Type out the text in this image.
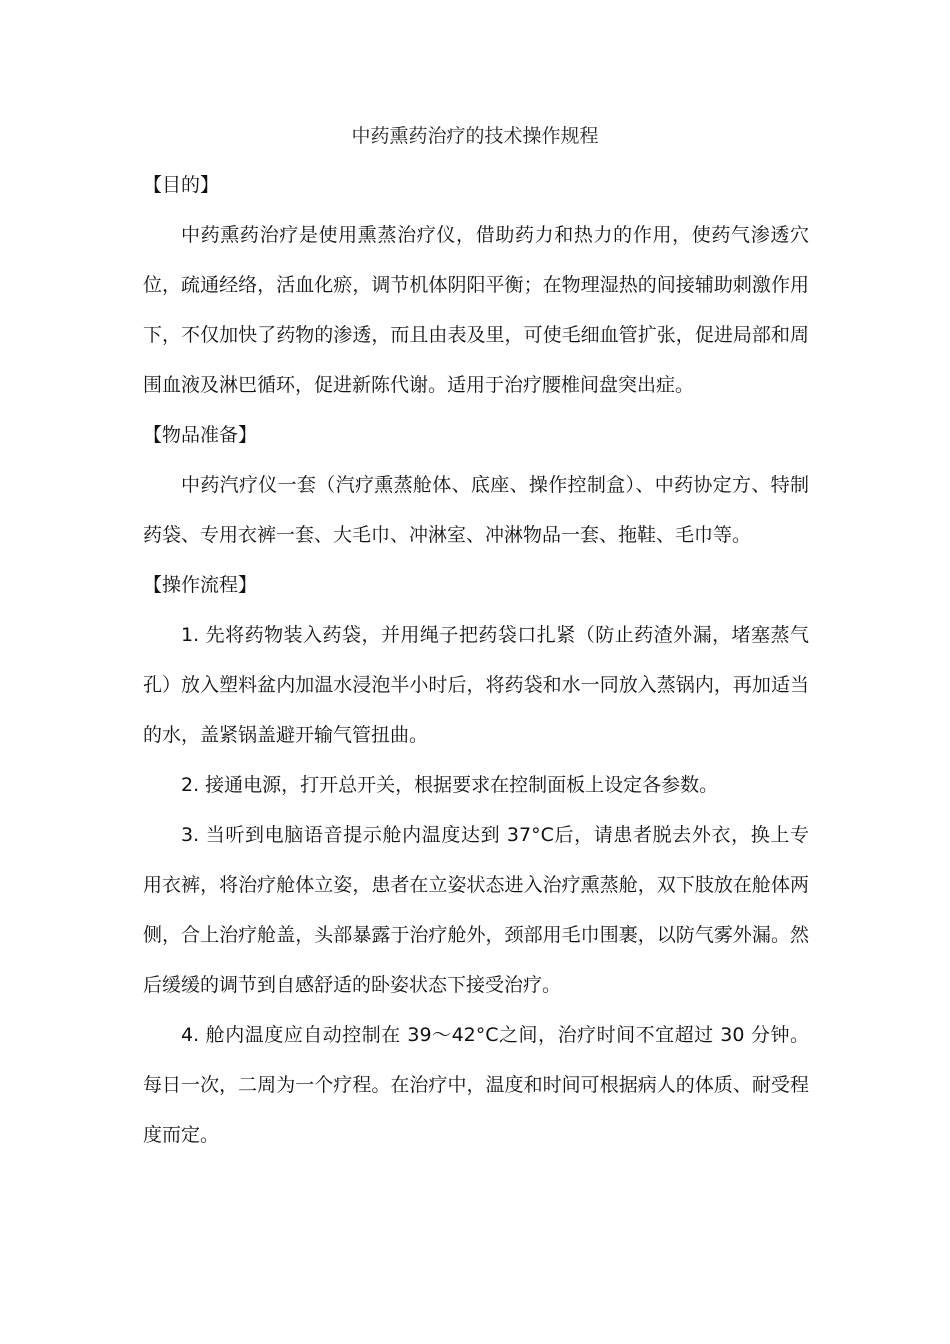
中药熏药治疗的技术操作规程
【目的】

中药熏药治疗是使用熏蒸治疗仪，借助药力和热力的作用，使药气渗透穴位，疏通经络，活血化瘀，调节机体阴阳平衡；在物理湿热的间接辅助刺激作用下，不仅加快了药物的渗透，而且由表及里，可使毛细血管扩张，促进局部和周围血液及淋巴循环，促进新陈代谢。适用于治疗腰椎间盘突出症。

【物品准备】

中药汽疗仪一套（汽疗熏蒸舱体、底座、操作控制盒）、中药协定方、特制药袋、专用衣裤一套、大毛巾、冲淋室、冲淋物品一套、拖鞋、毛巾等。

【操作流程】

1. 先将药物装入药袋，并用绳子把药袋口扎紧（防止药渣外漏，堵塞蒸气孔）放入塑料盆内加温水浸泡半小时后，将药袋和水一同放入蒸锅内，再加适当的水，盖紧锅盖避开输气管扭曲。

2. 接通电源，打开总开关，根据要求在控制面板上设定各参数。

3. 当听到电脑语音提示舱内温度达到 37°C后，请患者脱去外衣，换上专用衣裤，将治疗舱体立姿，患者在立姿状态进入治疗熏蒸舱，双下肢放在舱体两侧，合上治疗舱盖，头部暴露于治疗舱外，颈部用毛巾围裹，以防气雾外漏。然后缓缓的调节到自感舒适的卧姿状态下接受治疗。

4. 舱内温度应自动控制在 39～42°C之间，治疗时间不宜超过 30 分钟。每日一次，二周为一个疗程。在治疗中，温度和时间可根据病人的体质、耐受程度而定。
